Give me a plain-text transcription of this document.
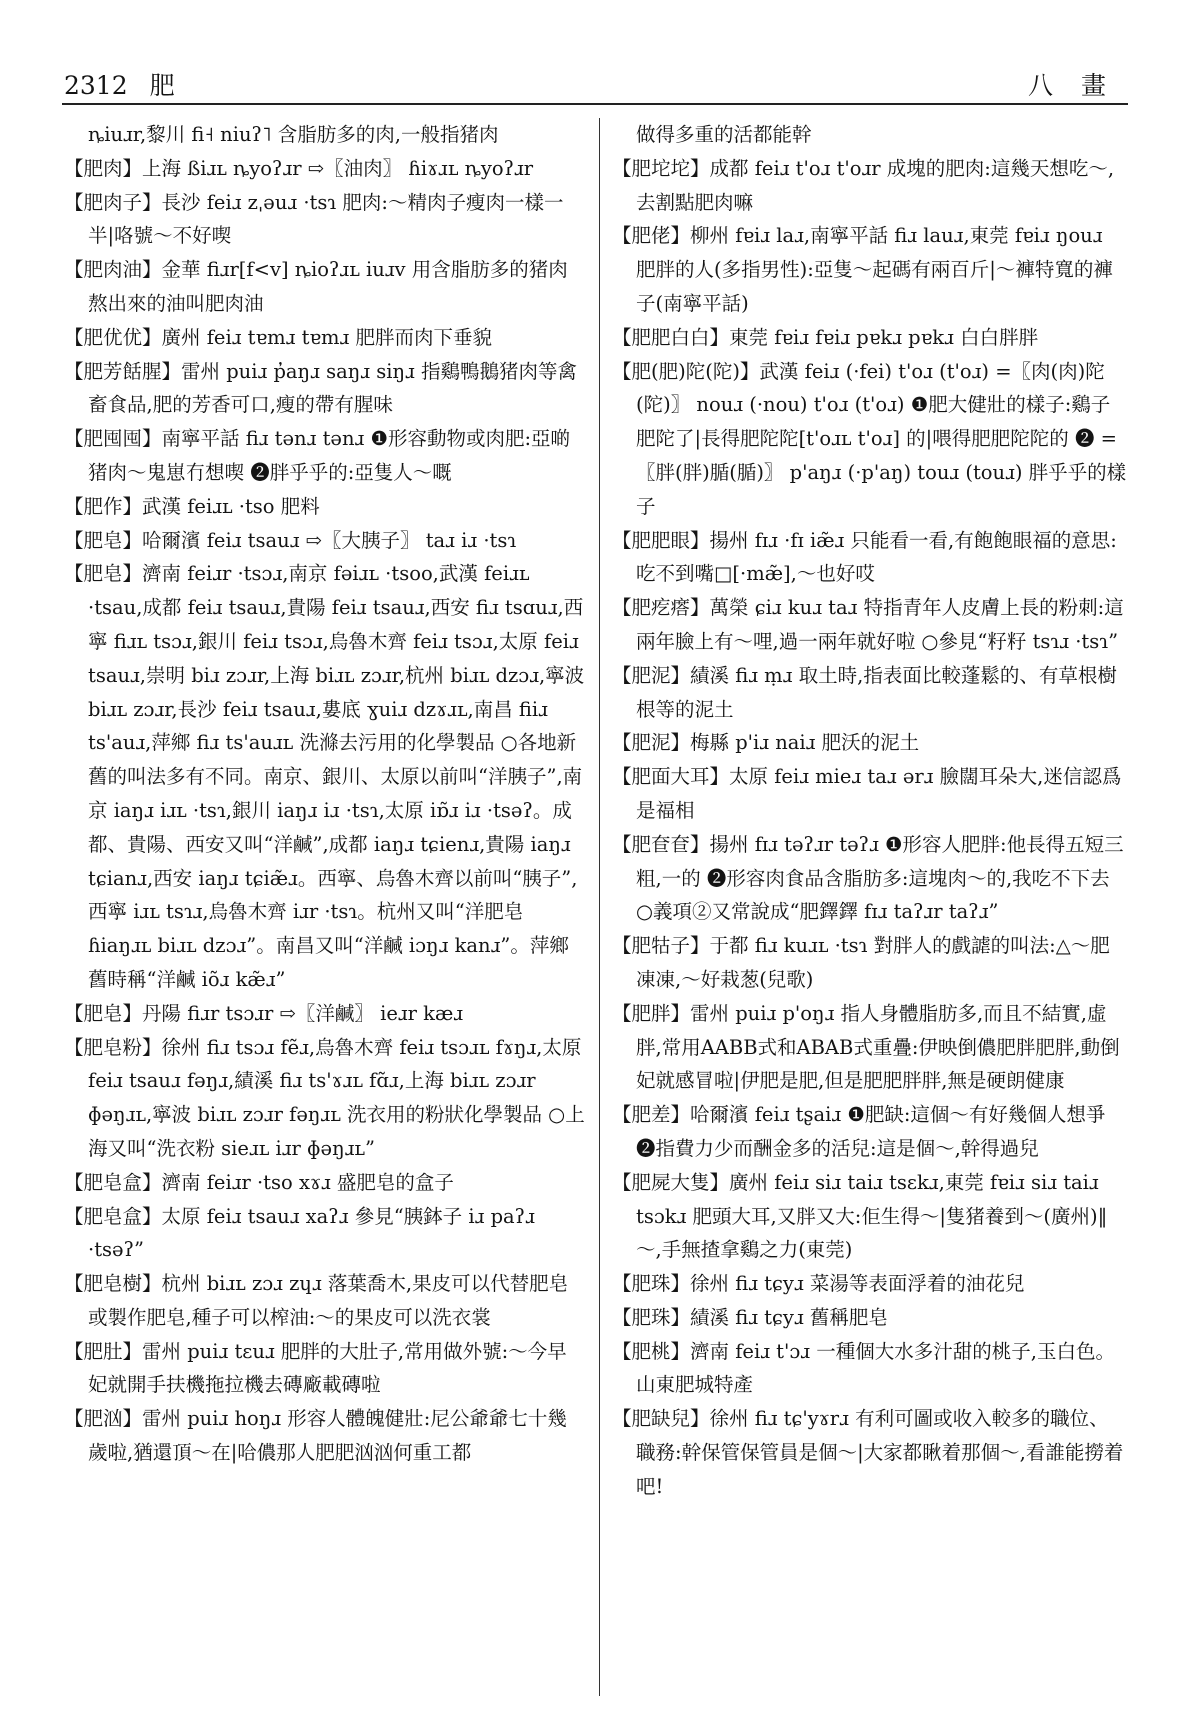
2312 肥	八 畫

ȵiuɹr,黎川 fi˧ niuʔ˥ 含脂肪多的肉,一般指猪肉

【肥肉】上海 ßiɹʟ ȵyoʔɹr ⇨〖油肉〗 ɦiɤɹʟ ȵyoʔɹr

【肥肉子】長沙 feiɹ zˌəuɹ ·tsɿ 肥肉:～精肉子瘦肉一樣一半|咯號～不好喫

【肥肉油】金華 fiɹr[f<v] ȵioʔɹʟ iuɹv 用含脂肪多的猪肉熬出來的油叫肥肉油

【肥优优】廣州 feiɹ tɐmɹ tɐmɹ 肥胖而肉下垂貌

【肥芳餂腥】雷州 puiɹ p̓aŋɹ saŋɹ siŋɹ 指鷄鴨鵝猪肉等禽畜食品,肥的芳香可口,瘦的帶有腥味

【肥囤囤】南寧平話 fiɹ tənɹ tənɹ ❶形容動物或肉肥:亞啲猪肉～鬼崽冇想喫 ❷胖乎乎的:亞隻人～嘅

【肥作】武漢 feiɹʟ ·tso 肥料

【肥皂】哈爾濱 feiɹ tsauɹ ⇨〖大胰子〗 taɹ iɹ ·tsɿ

【肥皂】濟南 feiɹr ·tsɔɹ,南京 fəiɹʟ ·tsoo,武漢 feiɹʟ ·tsau,成都 feiɹ tsauɹ,貴陽 feiɹ tsauɹ,西安 fiɹ tsɑuɹ,西寧 fiɹʟ tsɔɹ,銀川 feiɹ tsɔɹ,烏魯木齊 feiɹ tsɔɹ,太原 feiɹ tsauɹ,崇明 biɹ zɔɹr,上海 biɹʟ zɔɹr,杭州 biɹʟ dzɔɹ,寧波 biɹʟ zɔɹr,長沙 feiɹ tsauɹ,婁底 ɣuiɹ dzɤɹʟ,南昌 fiiɹ ts'auɹ,萍鄉 fiɹ ts'auɹʟ 洗滌去污用的化學製品 ○各地新舊的叫法多有不同。南京、銀川、太原以前叫“洋胰子”,南京 iaŋɹ iɹʟ ·tsɿ,銀川 iaŋɹ iɹ ·tsɿ,太原 iɒ̃ɹ iɹ ·tsəʔ。成都、貴陽、西安又叫“洋鹹”,成都 iaŋɹ tɕienɹ,貴陽 iaŋɹ tɕianɹ,西安 iaŋɹ tɕiæ̃ɹ。西寧、烏魯木齊以前叫“胰子”,西寧 iɹʟ tsɿɹ,烏魯木齊 iɹr ·tsɿ。杭州又叫“洋肥皂 ɦiaŋɹʟ biɹʟ dzɔɹ”。南昌又叫“洋鹹 iɔŋɹ kanɹ”。萍鄉舊時稱“洋鹹 iõɹ kæ̃ɹ”

【肥皂】丹陽 fiɹr tsɔɹr ⇨〖洋鹹〗 ieɹr kæɹ

【肥皂粉】徐州 fiɹ tsɔɹ fẽɹ,烏魯木齊 feiɹ tsɔɹʟ fɤŋɹ,太原 feiɹ tsauɹ fəŋɹ,績溪 fiɹ ts'ɤɹʟ fɑ̃ɹ,上海 biɹʟ zɔɹr ɸəŋɹʟ,寧波 biɹʟ zɔɹr fəŋɹʟ 洗衣用的粉狀化學製品 ○上海又叫“洗衣粉 sieɹʟ iɹr ɸəŋɹʟ”

【肥皂盒】濟南 feiɹr ·tso xɤɹ 盛肥皂的盒子

【肥皂盒】太原 feiɹ tsauɹ xaʔɹ 參見“胰鉢子 iɹ paʔɹ ·tsəʔ”

【肥皂樹】杭州 biɹʟ zɔɹ zɥɹ 落葉喬木,果皮可以代替肥皂或製作肥皂,種子可以榨油:～的果皮可以洗衣裳

【肥肚】雷州 puiɹ tɛuɹ 肥胖的大肚子,常用做外號:～今早妃就開手扶機拖拉機去磚廠載磚啦

【肥汹】雷州 puiɹ hoŋɹ 形容人體魄健壯:尼公爺爺七十幾歲啦,猶還頂～在|哈儂那人肥肥汹汹何重工都

做得多重的活都能幹

【肥坨坨】成都 feiɹ t'oɹ t'oɹr 成塊的肥肉:這幾天想吃～,去割點肥肉嘛

【肥佬】柳州 fɐiɹ laɹ,南寧平話 fiɹ lauɹ,東莞 fɐiɹ ŋouɹ 肥胖的人(多指男性):亞隻～起碼有兩百斤|～褲特寬的褲子(南寧平話)

【肥肥白白】東莞 fɐiɹ fɐiɹ pɐkɹ pɐkɹ 白白胖胖

【肥(肥)陀(陀)】武漢 feiɹ (·fei) t'oɹ (t'oɹ) =〖肉(肉)陀(陀)〗 nouɹ (·nou) t'oɹ (t'oɹ) ❶肥大健壯的樣子:鷄子肥陀了|長得肥陀陀[t'oɹʟ t'oɹ] 的|喂得肥肥陀陀的 ❷ =〖胖(胖)腯(腯)〗 p'aŋɹ (·p'aŋ) touɹ (touɹ) 胖乎乎的樣子

【肥肥眼】揚州 fɪɹ ·fɪ iæ̃ɹ 只能看一看,有飽飽眼福的意思:吃不到嘴□[·mæ̃],～也好哎

【肥疙瘩】萬榮 ɕiɹ kuɹ taɹ 特指青年人皮膚上長的粉刺:這兩年臉上有～哩,過一兩年就好啦 ○參見“籽籽 tsɿɹ ·tsɿ”

【肥泥】績溪 fiɹ ṃɹ 取土時,指表面比較蓬鬆的、有草根樹根等的泥土

【肥泥】梅縣 p'iɹ naiɹ 肥沃的泥土

【肥面大耳】太原 feiɹ mieɹ taɹ ərɹ 臉闊耳朵大,迷信認爲是福相

【肥奆奆】揚州 fɪɹ təʔɹr təʔɹ ❶形容人肥胖:他長得五短三粗,一的 ❷形容肉食品含脂肪多:這塊肉～的,我吃不下去 ○義項②又常說成“肥鐸鐸 fɪɹ taʔɹr taʔɹ”

【肥牯子】于都 fiɹ kuɹʟ ·tsɿ 對胖人的戲謔的叫法:△～肥凍凍,～好栽葱(兒歌)

【肥胖】雷州 puiɹ p'oŋɹ 指人身體脂肪多,而且不結實,虛胖,常用AABB式和ABAB式重疊:伊映倒儂肥胖肥胖,動倒妃就感冒啦|伊肥是肥,但是肥肥胖胖,無是硬朗健康

【肥差】哈爾濱 feiɹ tʂaiɹ ❶肥缺:這個～有好幾個人想爭 ❷指費力少而酬金多的活兒:這是個～,幹得過兒

【肥屍大隻】廣州 feiɹ siɹ taiɹ tsɛkɹ,東莞 fɐiɹ siɹ taiɹ tsɔkɹ 肥頭大耳,又胖又大:佢生得～|隻猪養到～(廣州)‖ ～,手無揸拿鷄之力(東莞)

【肥珠】徐州 fiɹ tɕyɹ 菜湯等表面浮着的油花兒

【肥珠】績溪 fiɹ tɕyɹ 舊稱肥皂

【肥桃】濟南 feiɹ t'ɔɹ 一種個大水多汁甜的桃子,玉白色。山東肥城特產

【肥缺兒】徐州 fiɹ tɕ'yɤrɹ 有利可圖或收入較多的職位、職務:幹保管保管員是個～|大家都瞅着那個～,看誰能撈着吧!
